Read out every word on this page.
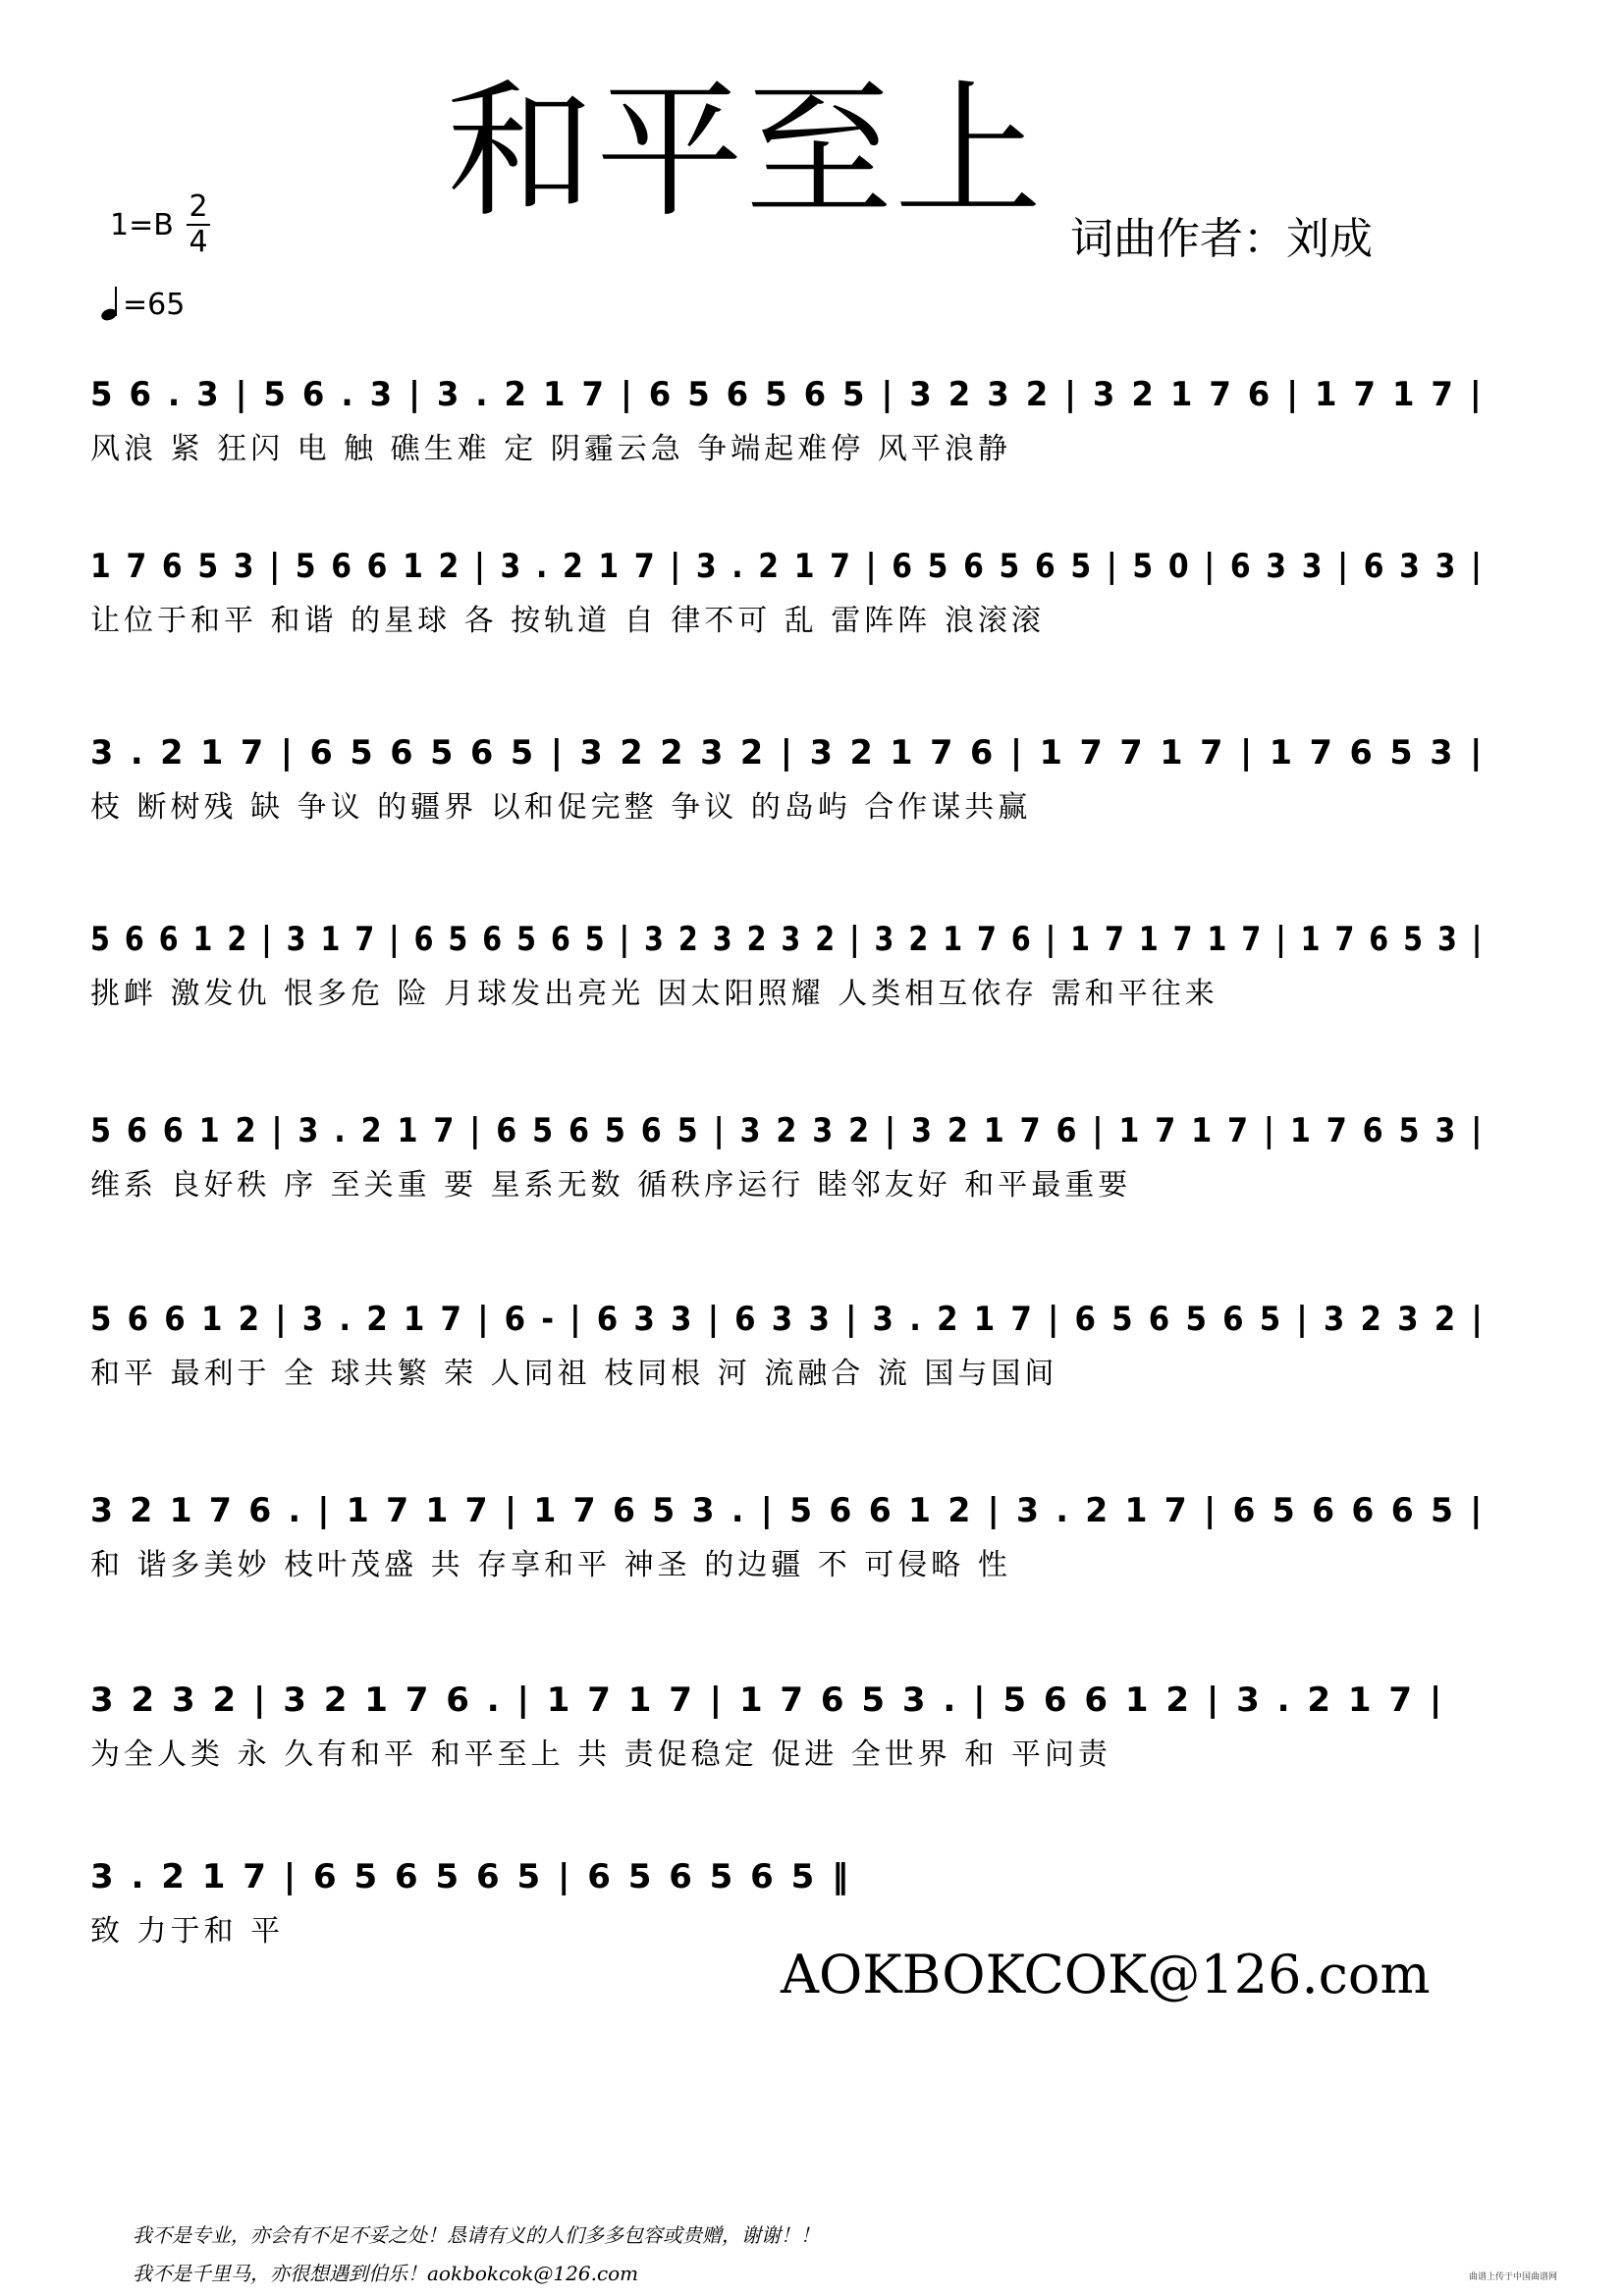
和平至上
1=B
2
4
=65
词曲作者：刘成
5 6 . 3 | 5 6 . 3 | 3 . 2 1 7 | 6 5 6 5 6 5 | 3 2 3 2 | 3 2 1 7 6 | 1 7 1 7 |
风浪 紧 狂闪 电 触 礁生难 定 阴霾云急 争端起难停 风平浪静
1 7 6 5 3 | 5 6 6 1 2 | 3 . 2 1 7 | 3 . 2 1 7 | 6 5 6 5 6 5 | 5 0 | 6 3 3 | 6 3 3 |
让位于和平 和谐 的星球 各 按轨道 自 律不可 乱 雷阵阵 浪滚滚
3 . 2 1 7 | 6 5 6 5 6 5 | 3 2 2 3 2 | 3 2 1 7 6 | 1 7 7 1 7 | 1 7 6 5 3 |
枝 断树残 缺 争议 的疆界 以和促完整 争议 的岛屿 合作谋共赢
5 6 6 1 2 | 3 1 7 | 6 5 6 5 6 5 | 3 2 3 2 3 2 | 3 2 1 7 6 | 1 7 1 7 1 7 | 1 7 6 5 3 |
挑衅 激发仇 恨多危 险 月球发出亮光 因太阳照耀 人类相互依存 需和平往来
5 6 6 1 2 | 3 . 2 1 7 | 6 5 6 5 6 5 | 3 2 3 2 | 3 2 1 7 6 | 1 7 1 7 | 1 7 6 5 3 |
维系 良好秩 序 至关重 要 星系无数 循秩序运行 睦邻友好 和平最重要
5 6 6 1 2 | 3 . 2 1 7 | 6 - | 6 3 3 | 6 3 3 | 3 . 2 1 7 | 6 5 6 5 6 5 | 3 2 3 2 |
和平 最利于 全 球共繁 荣 人同祖 枝同根 河 流融合 流 国与国间
3 2 1 7 6 . | 1 7 1 7 | 1 7 6 5 3 . | 5 6 6 1 2 | 3 . 2 1 7 | 6 5 6 6 6 5 |
和 谐多美妙 枝叶茂盛 共 存享和平 神圣 的边疆 不 可侵略 性
3 2 3 2 | 3 2 1 7 6 . | 1 7 1 7 | 1 7 6 5 3 . | 5 6 6 1 2 | 3 . 2 1 7 |
为全人类 永 久有和平 和平至上 共 责促稳定 促进 全世界 和 平问责
3 . 2 1 7 | 6 5 6 5 6 5 | 6 5 6 5 6 5 ‖
致 力于和 平
AOKBOKCOK@126.com
我不是专业，亦会有不足不妥之处！恳请有义的人们多多包容或贵赠，谢谢！！
我不是千里马，亦很想遇到伯乐！aokbokcok@126.com	曲谱上传于中国曲谱网
